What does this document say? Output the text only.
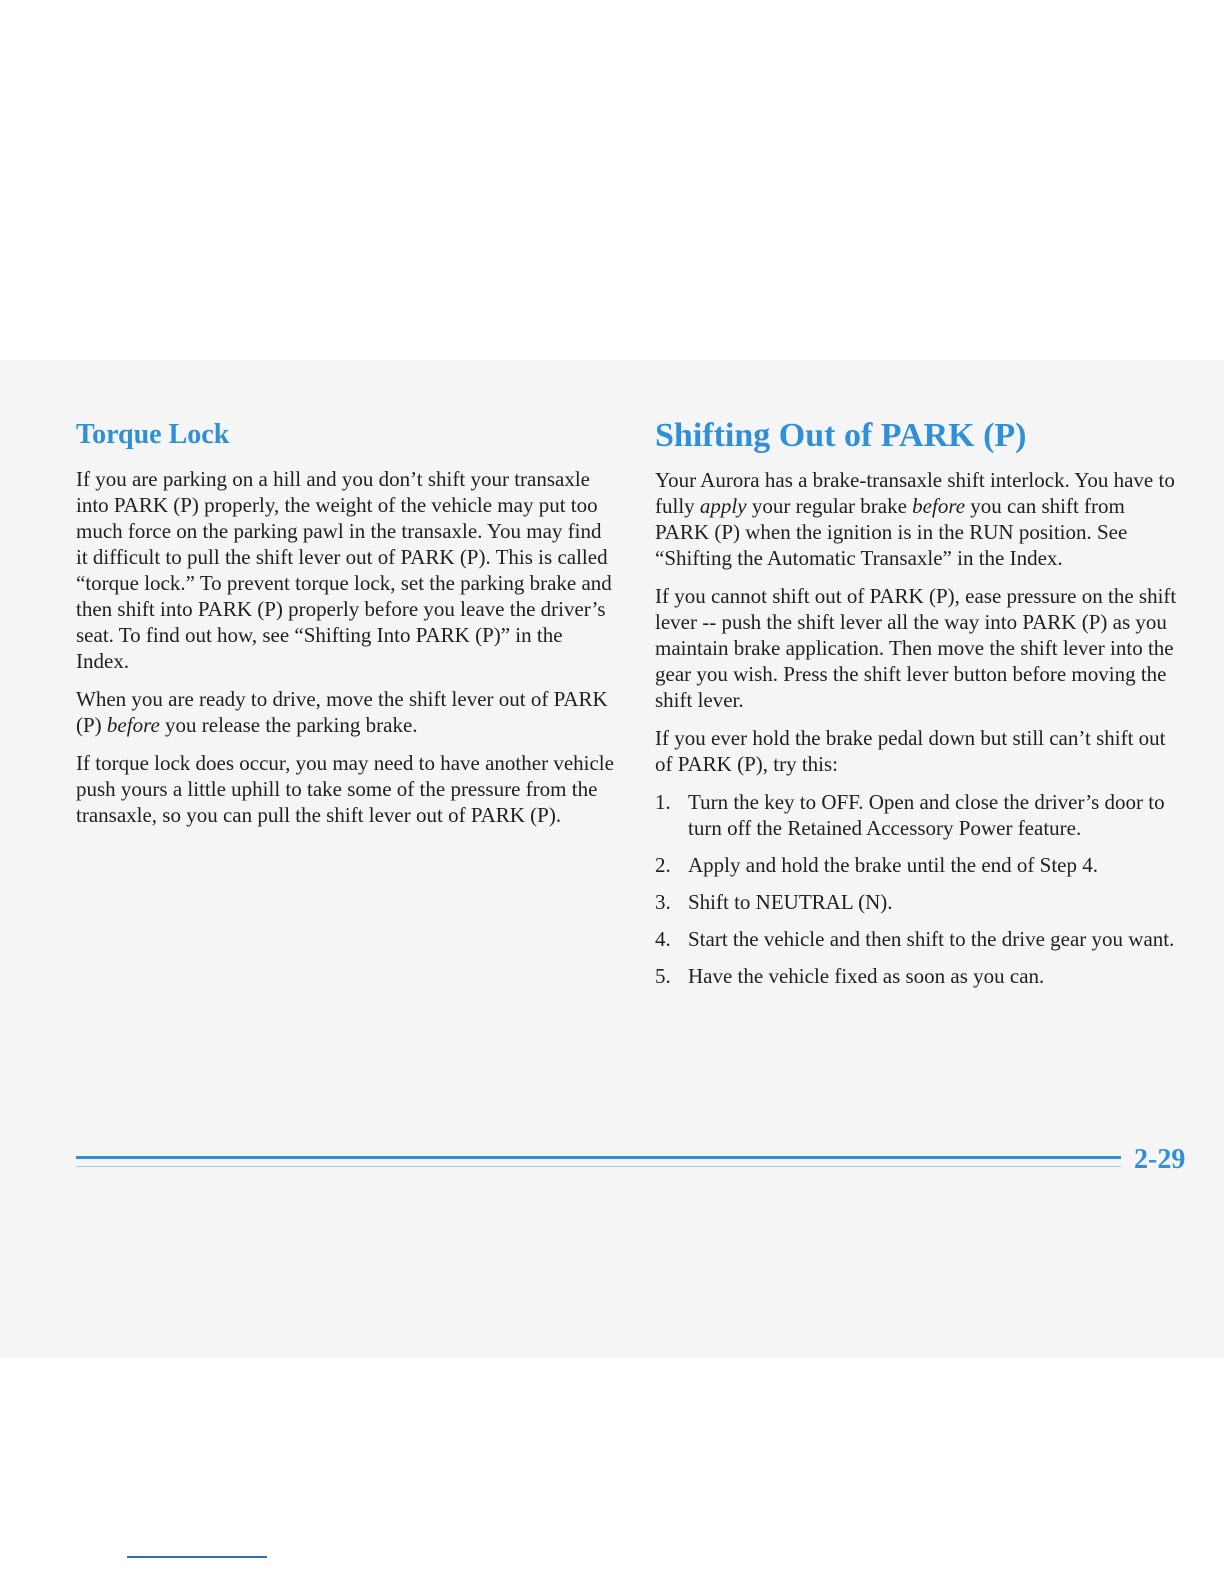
Torque Lock

If you are parking on a hill and you don’t shift your transaxle into PARK (P) properly, the weight of the vehicle may put too much force on the parking pawl in the transaxle. You may find it difficult to pull the shift lever out of PARK (P). This is called “torque lock.” To prevent torque lock, set the parking brake and then shift into PARK (P) properly before you leave the driver’s seat. To find out how, see “Shifting Into PARK (P)” in the Index.

When you are ready to drive, move the shift lever out of PARK (P) before you release the parking brake.

If torque lock does occur, you may need to have another vehicle push yours a little uphill to take some of the pressure from the transaxle, so you can pull the shift lever out of PARK (P).

Shifting Out of PARK (P)

Your Aurora has a brake-transaxle shift interlock. You have to fully apply your regular brake before you can shift from PARK (P) when the ignition is in the RUN position. See “Shifting the Automatic Transaxle” in the Index.

If you cannot shift out of PARK (P), ease pressure on the shift lever -- push the shift lever all the way into PARK (P) as you maintain brake application. Then move the shift lever into the gear you wish. Press the shift lever button before moving the shift lever.

If you ever hold the brake pedal down but still can’t shift out of PARK (P), try this:

1. Turn the key to OFF. Open and close the driver’s door to turn off the Retained Accessory Power feature.
2. Apply and hold the brake until the end of Step 4.
3. Shift to NEUTRAL (N).
4. Start the vehicle and then shift to the drive gear you want.
5. Have the vehicle fixed as soon as you can.
2-29
